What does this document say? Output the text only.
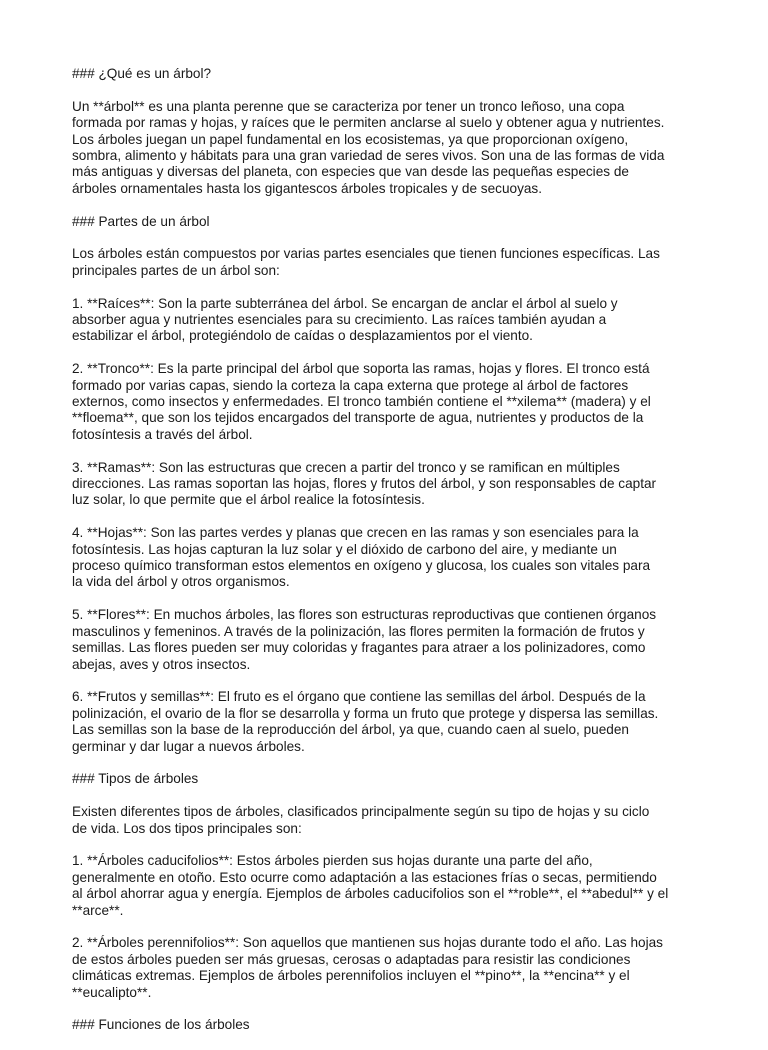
### ¿Qué es un árbol?
Un **árbol** es una planta perenne que se caracteriza por tener un tronco leñoso, una copa
formada por ramas y hojas, y raíces que le permiten anclarse al suelo y obtener agua y nutrientes.
Los árboles juegan un papel fundamental en los ecosistemas, ya que proporcionan oxígeno,
sombra, alimento y hábitats para una gran variedad de seres vivos. Son una de las formas de vida
más antiguas y diversas del planeta, con especies que van desde las pequeñas especies de
árboles ornamentales hasta los gigantescos árboles tropicales y de secuoyas.
### Partes de un árbol
Los árboles están compuestos por varias partes esenciales que tienen funciones específicas. Las
principales partes de un árbol son:
1. **Raíces**: Son la parte subterránea del árbol. Se encargan de anclar el árbol al suelo y
absorber agua y nutrientes esenciales para su crecimiento. Las raíces también ayudan a
estabilizar el árbol, protegiéndolo de caídas o desplazamientos por el viento.
2. **Tronco**: Es la parte principal del árbol que soporta las ramas, hojas y flores. El tronco está
formado por varias capas, siendo la corteza la capa externa que protege al árbol de factores
externos, como insectos y enfermedades. El tronco también contiene el **xilema** (madera) y el
**floema**, que son los tejidos encargados del transporte de agua, nutrientes y productos de la
fotosíntesis a través del árbol.
3. **Ramas**: Son las estructuras que crecen a partir del tronco y se ramifican en múltiples
direcciones. Las ramas soportan las hojas, flores y frutos del árbol, y son responsables de captar
luz solar, lo que permite que el árbol realice la fotosíntesis.
4. **Hojas**: Son las partes verdes y planas que crecen en las ramas y son esenciales para la
fotosíntesis. Las hojas capturan la luz solar y el dióxido de carbono del aire, y mediante un
proceso químico transforman estos elementos en oxígeno y glucosa, los cuales son vitales para
la vida del árbol y otros organismos.
5. **Flores**: En muchos árboles, las flores son estructuras reproductivas que contienen órganos
masculinos y femeninos. A través de la polinización, las flores permiten la formación de frutos y
semillas. Las flores pueden ser muy coloridas y fragantes para atraer a los polinizadores, como
abejas, aves y otros insectos.
6. **Frutos y semillas**: El fruto es el órgano que contiene las semillas del árbol. Después de la
polinización, el ovario de la flor se desarrolla y forma un fruto que protege y dispersa las semillas.
Las semillas son la base de la reproducción del árbol, ya que, cuando caen al suelo, pueden
germinar y dar lugar a nuevos árboles.
### Tipos de árboles
Existen diferentes tipos de árboles, clasificados principalmente según su tipo de hojas y su ciclo
de vida. Los dos tipos principales son:
1. **Árboles caducifolios**: Estos árboles pierden sus hojas durante una parte del año,
generalmente en otoño. Esto ocurre como adaptación a las estaciones frías o secas, permitiendo
al árbol ahorrar agua y energía. Ejemplos de árboles caducifolios son el **roble**, el **abedul** y el
**arce**.
2. **Árboles perennifolios**: Son aquellos que mantienen sus hojas durante todo el año. Las hojas
de estos árboles pueden ser más gruesas, cerosas o adaptadas para resistir las condiciones
climáticas extremas. Ejemplos de árboles perennifolios incluyen el **pino**, la **encina** y el
**eucalipto**.
### Funciones de los árboles
